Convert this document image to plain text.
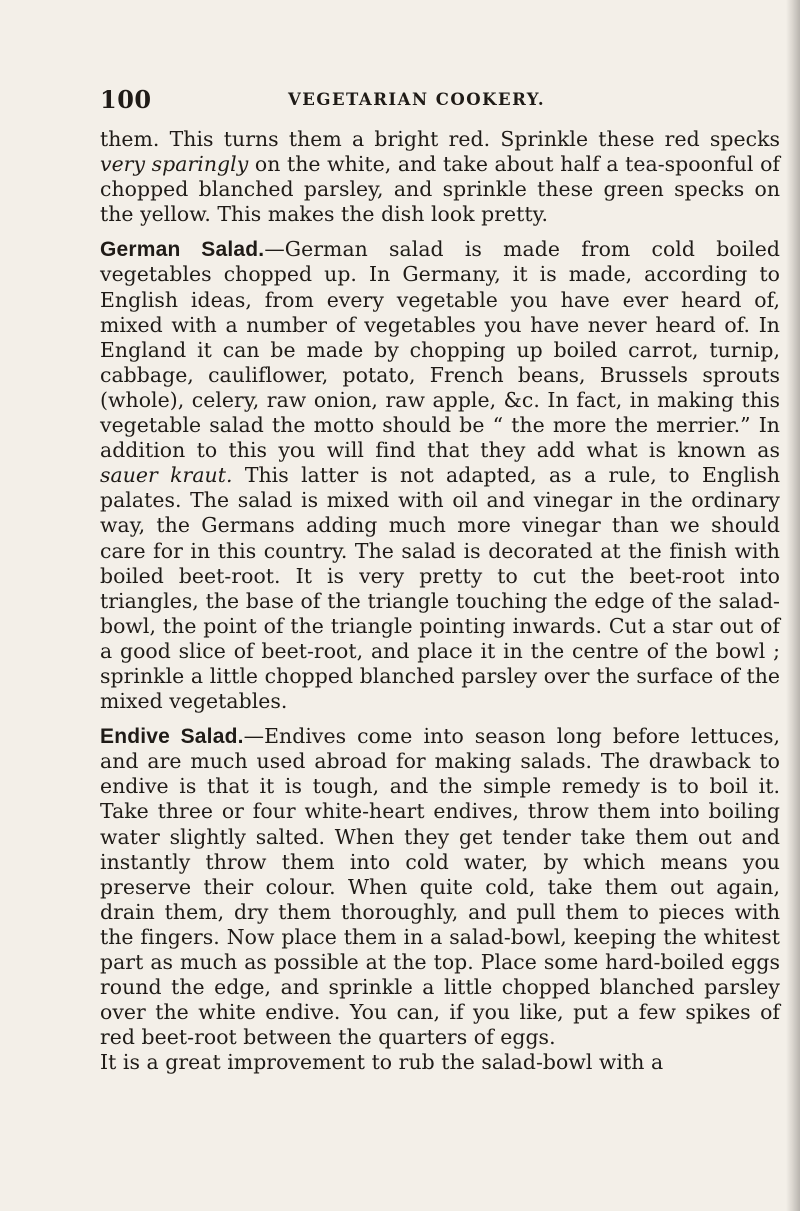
100	VEGETARIAN COOKERY.

them. This turns them a bright red. Sprinkle these red specks very sparingly on the white, and take about half a tea-spoonful of chopped blanched parsley, and sprinkle these green specks on the yellow. This makes the dish look pretty.

German Salad.—German salad is made from cold boiled vegetables chopped up. In Germany, it is made, according to English ideas, from every vegetable you have ever heard of, mixed with a number of vegetables you have never heard of. In England it can be made by chopping up boiled carrot, turnip, cabbage, cauliflower, potato, French beans, Brussels sprouts (whole), celery, raw onion, raw apple, &c. In fact, in making this vegetable salad the motto should be “ the more the merrier.” In addition to this you will find that they add what is known as sauer kraut. This latter is not adapted, as a rule, to English palates. The salad is mixed with oil and vinegar in the ordinary way, the Germans adding much more vinegar than we should care for in this country. The salad is decorated at the finish with boiled beet-root. It is very pretty to cut the beet-root into triangles, the base of the triangle touching the edge of the salad-bowl, the point of the triangle pointing inwards. Cut a star out of a good slice of beet-root, and place it in the centre of the bowl ; sprinkle a little chopped blanched parsley over the surface of the mixed vegetables.

Endive Salad.—Endives come into season long before lettuces, and are much used abroad for making salads. The drawback to endive is that it is tough, and the simple remedy is to boil it. Take three or four white-heart endives, throw them into boiling water slightly salted. When they get tender take them out and instantly throw them into cold water, by which means you preserve their colour. When quite cold, take them out again, drain them, dry them thoroughly, and pull them to pieces with the fingers. Now place them in a salad-bowl, keeping the whitest part as much as possible at the top. Place some hard-boiled eggs round the edge, and sprinkle a little chopped blanched parsley over the white endive. You can, if you like, put a few spikes of red beet-root between the quarters of eggs.

It is a great improvement to rub the salad-bowl with a
